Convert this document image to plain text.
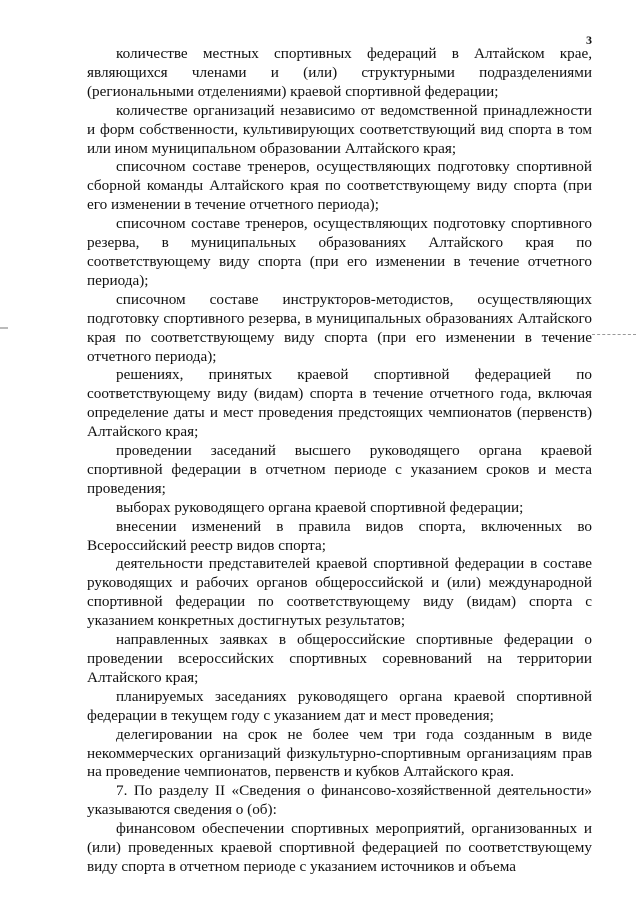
3

количестве местных спортивных федераций в Алтайском крае, являющихся членами и (или) структурными подразделениями (региональными отделениями) краевой спортивной федерации;

количестве организаций независимо от ведомственной принадлежности и форм собственности, культивирующих соответствующий вид спорта в том или ином муниципальном образовании Алтайского края;

списочном составе тренеров, осуществляющих подготовку спортивной сборной команды Алтайского края по соответствующему виду спорта (при его изменении в течение отчетного периода);

списочном составе тренеров, осуществляющих подготовку спортивного резерва, в муниципальных образованиях Алтайского края по соответствующему виду спорта (при его изменении в течение отчетного периода);

списочном составе инструкторов-методистов, осуществляющих подготовку спортивного резерва, в муниципальных образованиях Алтайского края по соответствующему виду спорта (при его изменении в течение отчетного периода);

решениях, принятых краевой спортивной федерацией по соответствующему виду (видам) спорта в течение отчетного года, включая определение даты и мест проведения предстоящих чемпионатов (первенств) Алтайского края;

проведении заседаний высшего руководящего органа краевой спортивной федерации в отчетном периоде с указанием сроков и места проведения;

выборах руководящего органа краевой спортивной федерации;

внесении изменений в правила видов спорта, включенных во Всероссийский реестр видов спорта;

деятельности представителей краевой спортивной федерации в составе руководящих и рабочих органов общероссийской и (или) международной спортивной федерации по соответствующему виду (видам) спорта с указанием конкретных достигнутых результатов;

направленных заявках в общероссийские спортивные федерации о проведении всероссийских спортивных соревнований на территории Алтайского края;

планируемых заседаниях руководящего органа краевой спортивной федерации в текущем году с указанием дат и мест проведения;

делегировании на срок не более чем три года созданным в виде некоммерческих организаций физкультурно-спортивным организациям прав на проведение чемпионатов, первенств и кубков Алтайского края.

7. По разделу II «Сведения о финансово-хозяйственной деятельности» указываются сведения о (об):

финансовом обеспечении спортивных мероприятий, организованных и (или) проведенных краевой спортивной федерацией по соответствующему виду спорта в отчетном периоде с указанием источников и объема
